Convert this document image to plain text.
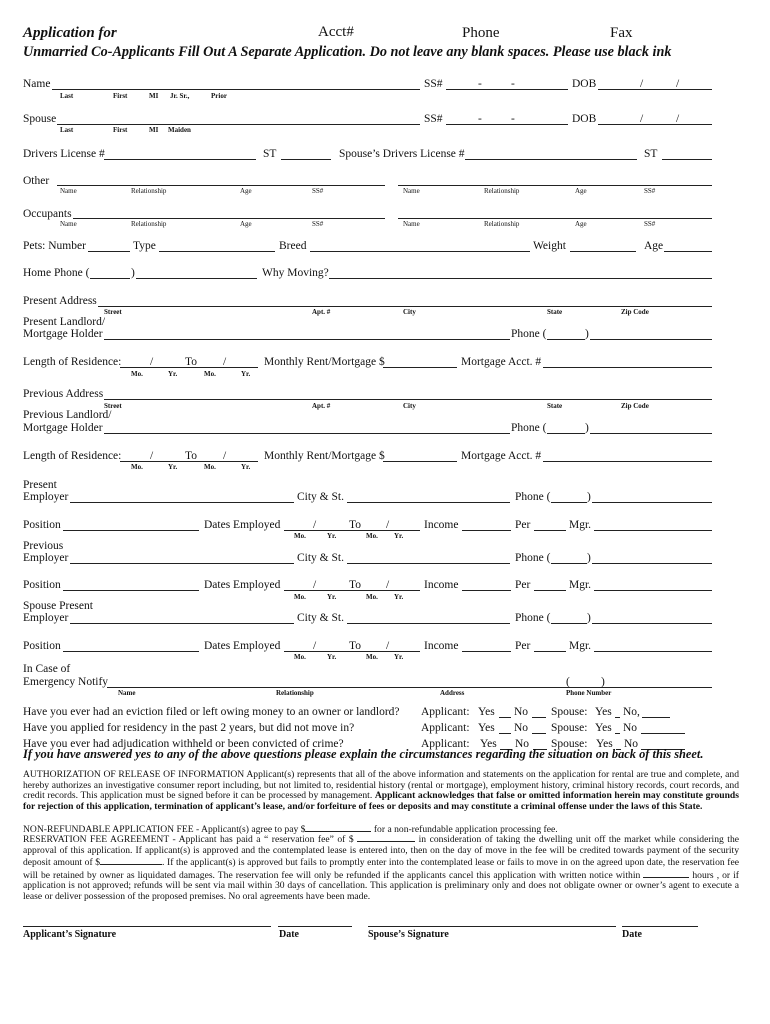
Application for	Acct#	Phone	Fax
Unmarried Co-Applicants Fill Out A Separate Application. Do not leave any blank spaces. Please use black ink
Name	SS#	-	-	DOB	/	/
Last	First	MI Jr. Sr.,	Prior
Spouse	SS#	-	-	DOB	/	/
Last	First	MI Maiden
Drivers License #	ST	Spouse’s Drivers License #	ST
Other
Name	Relationship	Age	SS#	Name	Relationship	Age	SS#
Occupants
Name	Relationship	Age	SS#	Name	Relationship	Age	SS#
Pets: Number	Type	Breed	Weight	Age
Home Phone (	)	Why Moving?
Present Address
Street	Apt. #	City	State	Zip Code
Present Landlord/
Mortgage Holder	Phone (	)
Length of Residence: /	To /	Monthly Rent/Mortgage $	Mortgage Acct. #
Mo.	Yr.	Mo.	Yr.
Previous Address
Street	Apt. #	City	State	Zip Code
Previous Landlord/
Mortgage Holder	Phone (	)
Length of Residence: /	To /	Monthly Rent/Mortgage $	Mortgage Acct. #
Mo.	Yr.	Mo.	Yr.
Present
Employer	City & St.	Phone (	)
Position	Dates Employed	/	To /	Income	Per	Mgr.
Mo.	Yr.	Mo. Yr.
Previous
Employer	City & St.	Phone (	)
Position	Dates Employed	/	To /	Income	Per	Mgr.
Mo.	Yr.	Mo. Yr.
Spouse Present
Employer	City & St.	Phone (	)
Position	Dates Employed	/	To /	Income	Per	Mgr.
Mo.	Yr.	Mo. Yr.
In Case of
Emergency Notify	(	)
Name	Relationship	Address	Phone Number
Have you ever had an eviction filed or left owing money to an owner or landlord? Applicant: Yes No Spouse: Yes No,
Have you applied for residency in the past 2 years, but did not move in?	Applicant: Yes No Spouse: Yes No
Have you ever had adjudication withheld or been convicted of crime?	Applicant: Yes No Spouse: Yes No
If you have answered yes to any of the above questions please explain the circumstances regarding the situation on back of this sheet.
AUTHORIZATION OF RELEASE OF INFORMATION Applicant(s) represents that all of the above information and statements on the application for rental are true and complete, and hereby authorizes an investigative consumer report including, but not limited to, residential history (rental or mortgage), employment history, criminal history records, court records, and credit records. This application must be signed before it can be processed by management. Applicant acknowledges that false or omitted information herein may constitute grounds for rejection of this application, termination of applicant’s lease, and/or forfeiture of fees or deposits and may constitute a criminal offense under the laws of this State.
NON-REFUNDABLE APPLICATION FEE - Applicant(s) agree to pay $	for a non-refundable application processing fee.
RESERVATION FEE AGREEMENT - Applicant has paid a “ reservation fee” of $	in consideration of taking the dwelling unit off the market while considering the approval of this application. If applicant(s) is approved and the contemplated lease is entered into, then on the day of move in the fee will be credited towards payment of the security deposit amount of $	. If the applicant(s) is approved but fails to promptly enter into the contemplated lease or fails to move in on the agreed upon date, the reservation fee will be retained by owner as liquidated damages. The reservation fee will only be refunded if the applicants cancel this application with written notice within	hours , or if application is not approved; refunds will be sent via mail within 30 days of cancellation. This application is preliminary only and does not obligate owner or owner’s agent to execute a lease or deliver possession of the proposed premises. No oral agreements have been made.
Applicant’s Signature	Date	Spouse’s Signature	Date
